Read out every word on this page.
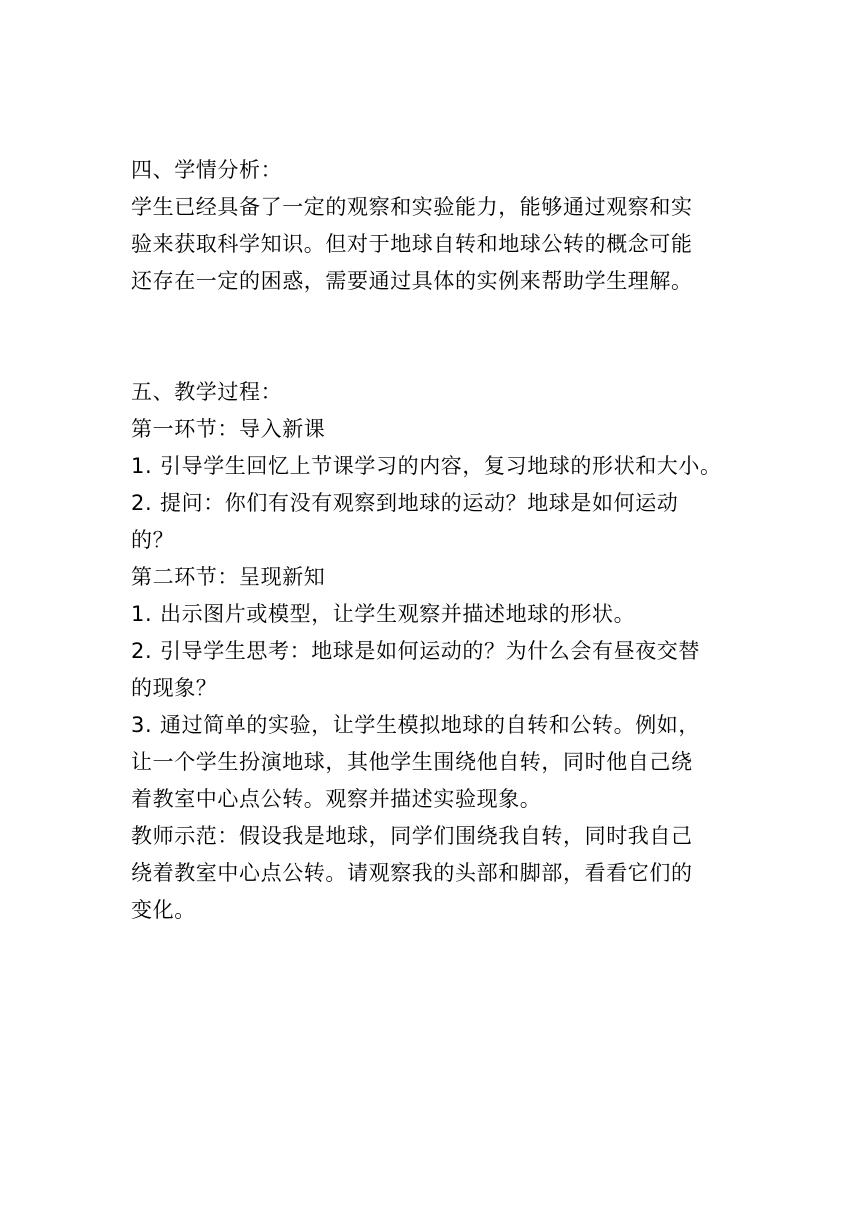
四、学情分析：
学生已经具备了一定的观察和实验能力，能够通过观察和实
验来获取科学知识。但对于地球自转和地球公转的概念可能
还存在一定的困惑，需要通过具体的实例来帮助学生理解。
五、教学过程：
第一环节：导入新课
1. 引导学生回忆上节课学习的内容，复习地球的形状和大小。
2. 提问：你们有没有观察到地球的运动？地球是如何运动
的？
第二环节：呈现新知
1. 出示图片或模型，让学生观察并描述地球的形状。
2. 引导学生思考：地球是如何运动的？为什么会有昼夜交替
的现象？
3. 通过简单的实验，让学生模拟地球的自转和公转。例如，
让一个学生扮演地球，其他学生围绕他自转，同时他自己绕
着教室中心点公转。观察并描述实验现象。
教师示范：假设我是地球，同学们围绕我自转，同时我自己
绕着教室中心点公转。请观察我的头部和脚部，看看它们的
变化。
